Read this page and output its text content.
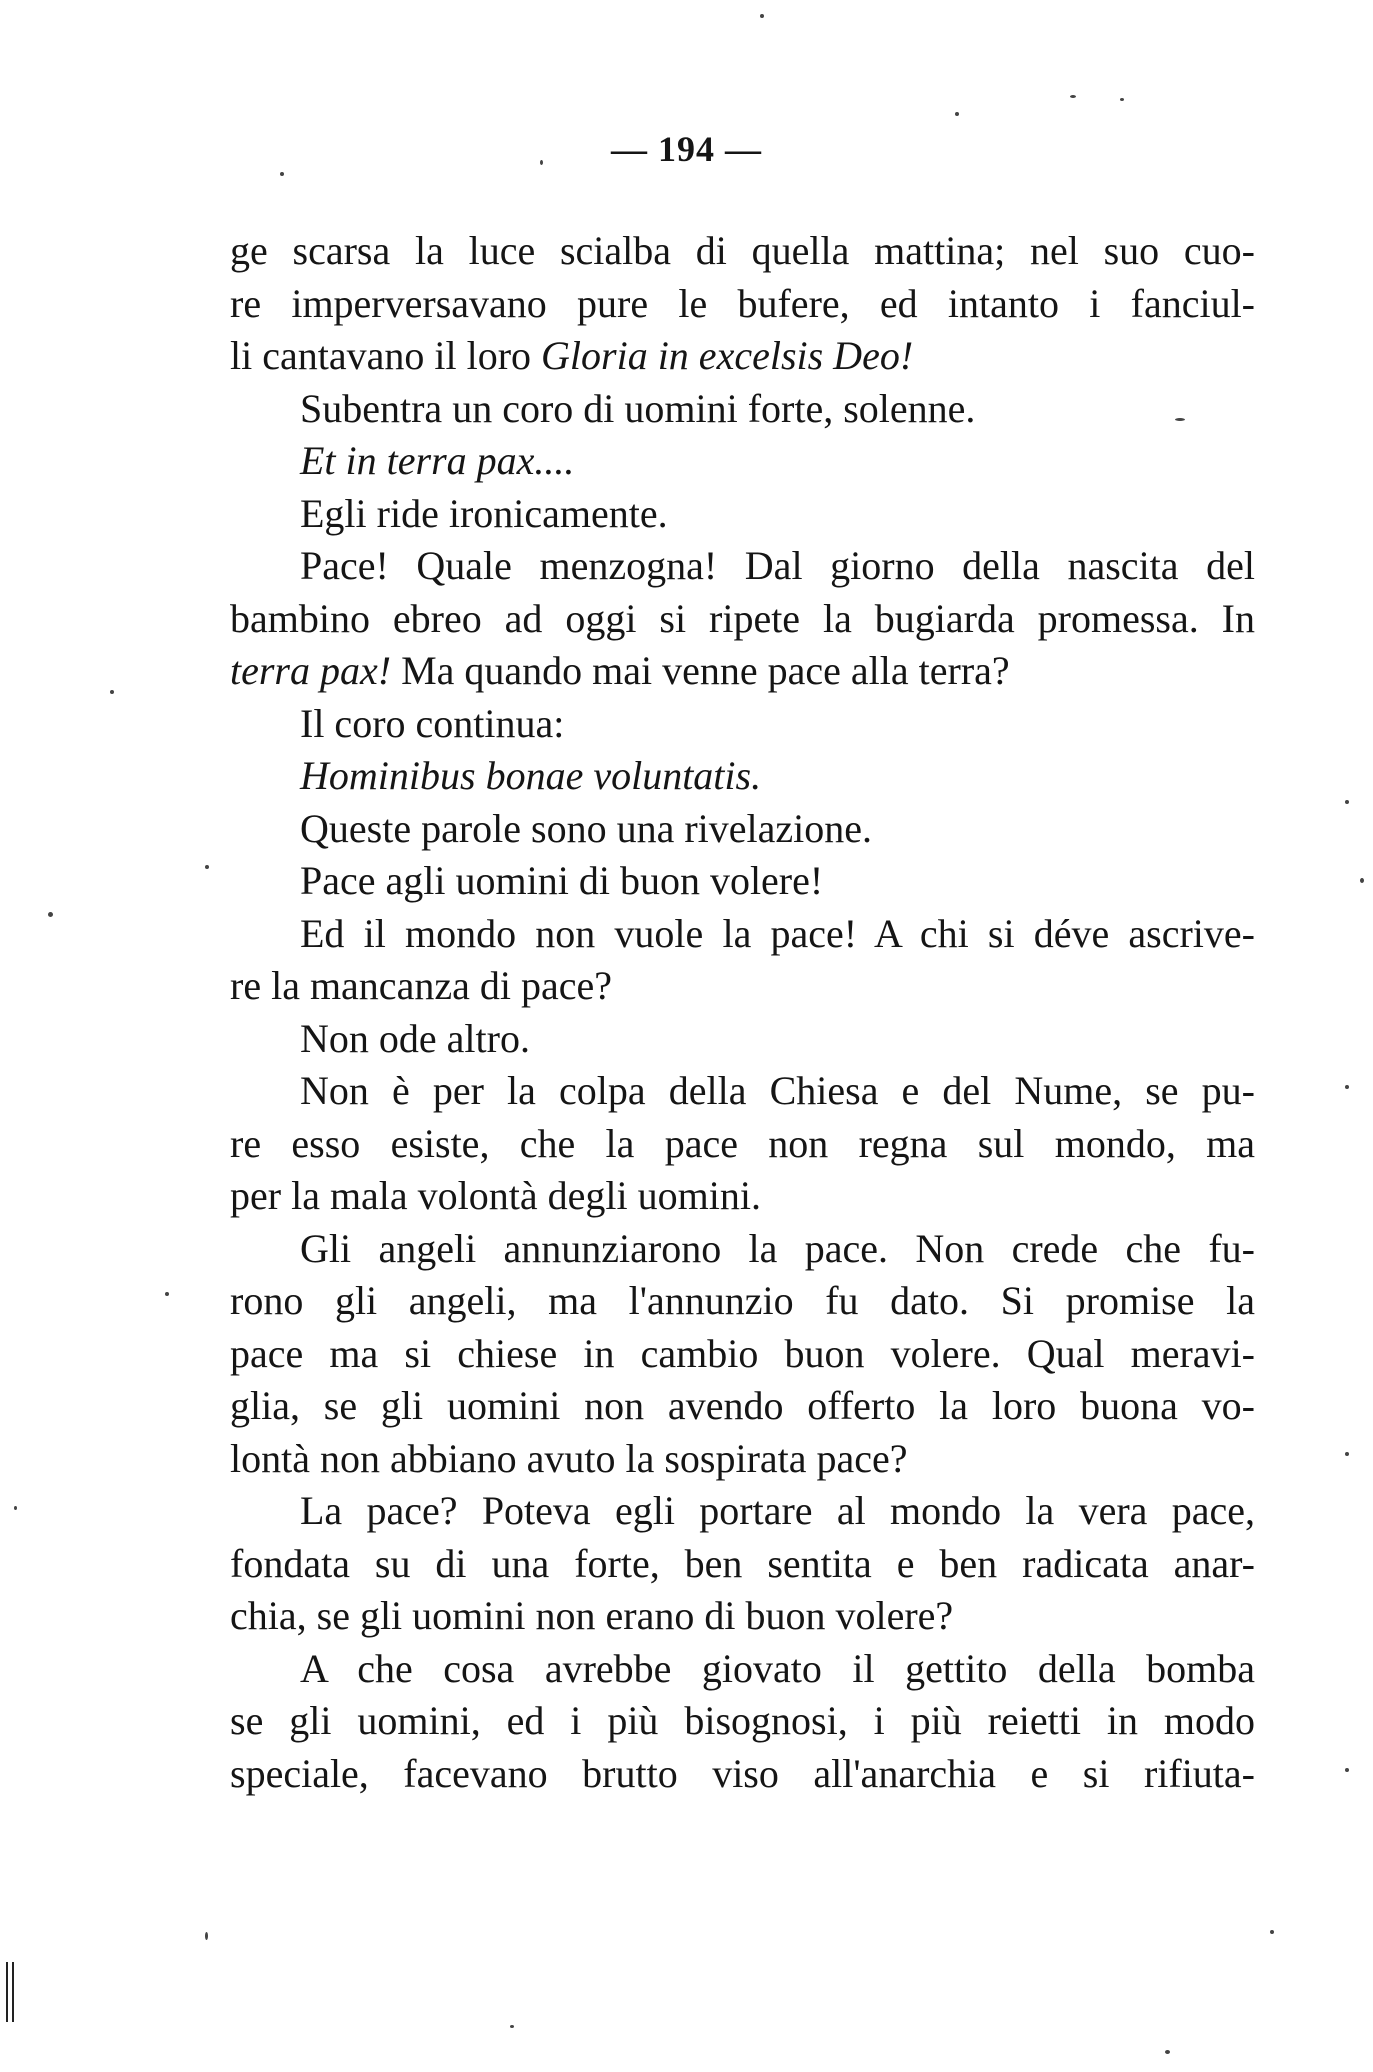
— 194 —
ge scarsa la luce scialba di quella mattina; nel suo cuo-
re imperversavano pure le bufere, ed intanto i fanciul-
li cantavano il loro Gloria in excelsis Deo!
Subentra un coro di uomini forte, solenne.
Et in terra pax....
Egli ride ironicamente.
Pace! Quale menzogna! Dal giorno della nascita del
bambino ebreo ad oggi si ripete la bugiarda promessa. In
terra pax! Ma quando mai venne pace alla terra?
Il coro continua:
Hominibus bonae voluntatis.
Queste parole sono una rivelazione.
Pace agli uomini di buon volere!
Ed il mondo non vuole la pace! A chi si déve ascrive-
re la mancanza di pace?
Non ode altro.
Non è per la colpa della Chiesa e del Nume, se pu-
re esso esiste, che la pace non regna sul mondo, ma
per la mala volontà degli uomini.
Gli angeli annunziarono la pace. Non crede che fu-
rono gli angeli, ma l'annunzio fu dato. Si promise la
pace ma si chiese in cambio buon volere. Qual meravi-
glia, se gli uomini non avendo offerto la loro buona vo-
lontà non abbiano avuto la sospirata pace?
La pace? Poteva egli portare al mondo la vera pace,
fondata su di una forte, ben sentita e ben radicata anar-
chia, se gli uomini non erano di buon volere?
A che cosa avrebbe giovato il gettito della bomba
se gli uomini, ed i più bisognosi, i più reietti in modo
speciale, facevano brutto viso all'anarchia e si rifiuta-
